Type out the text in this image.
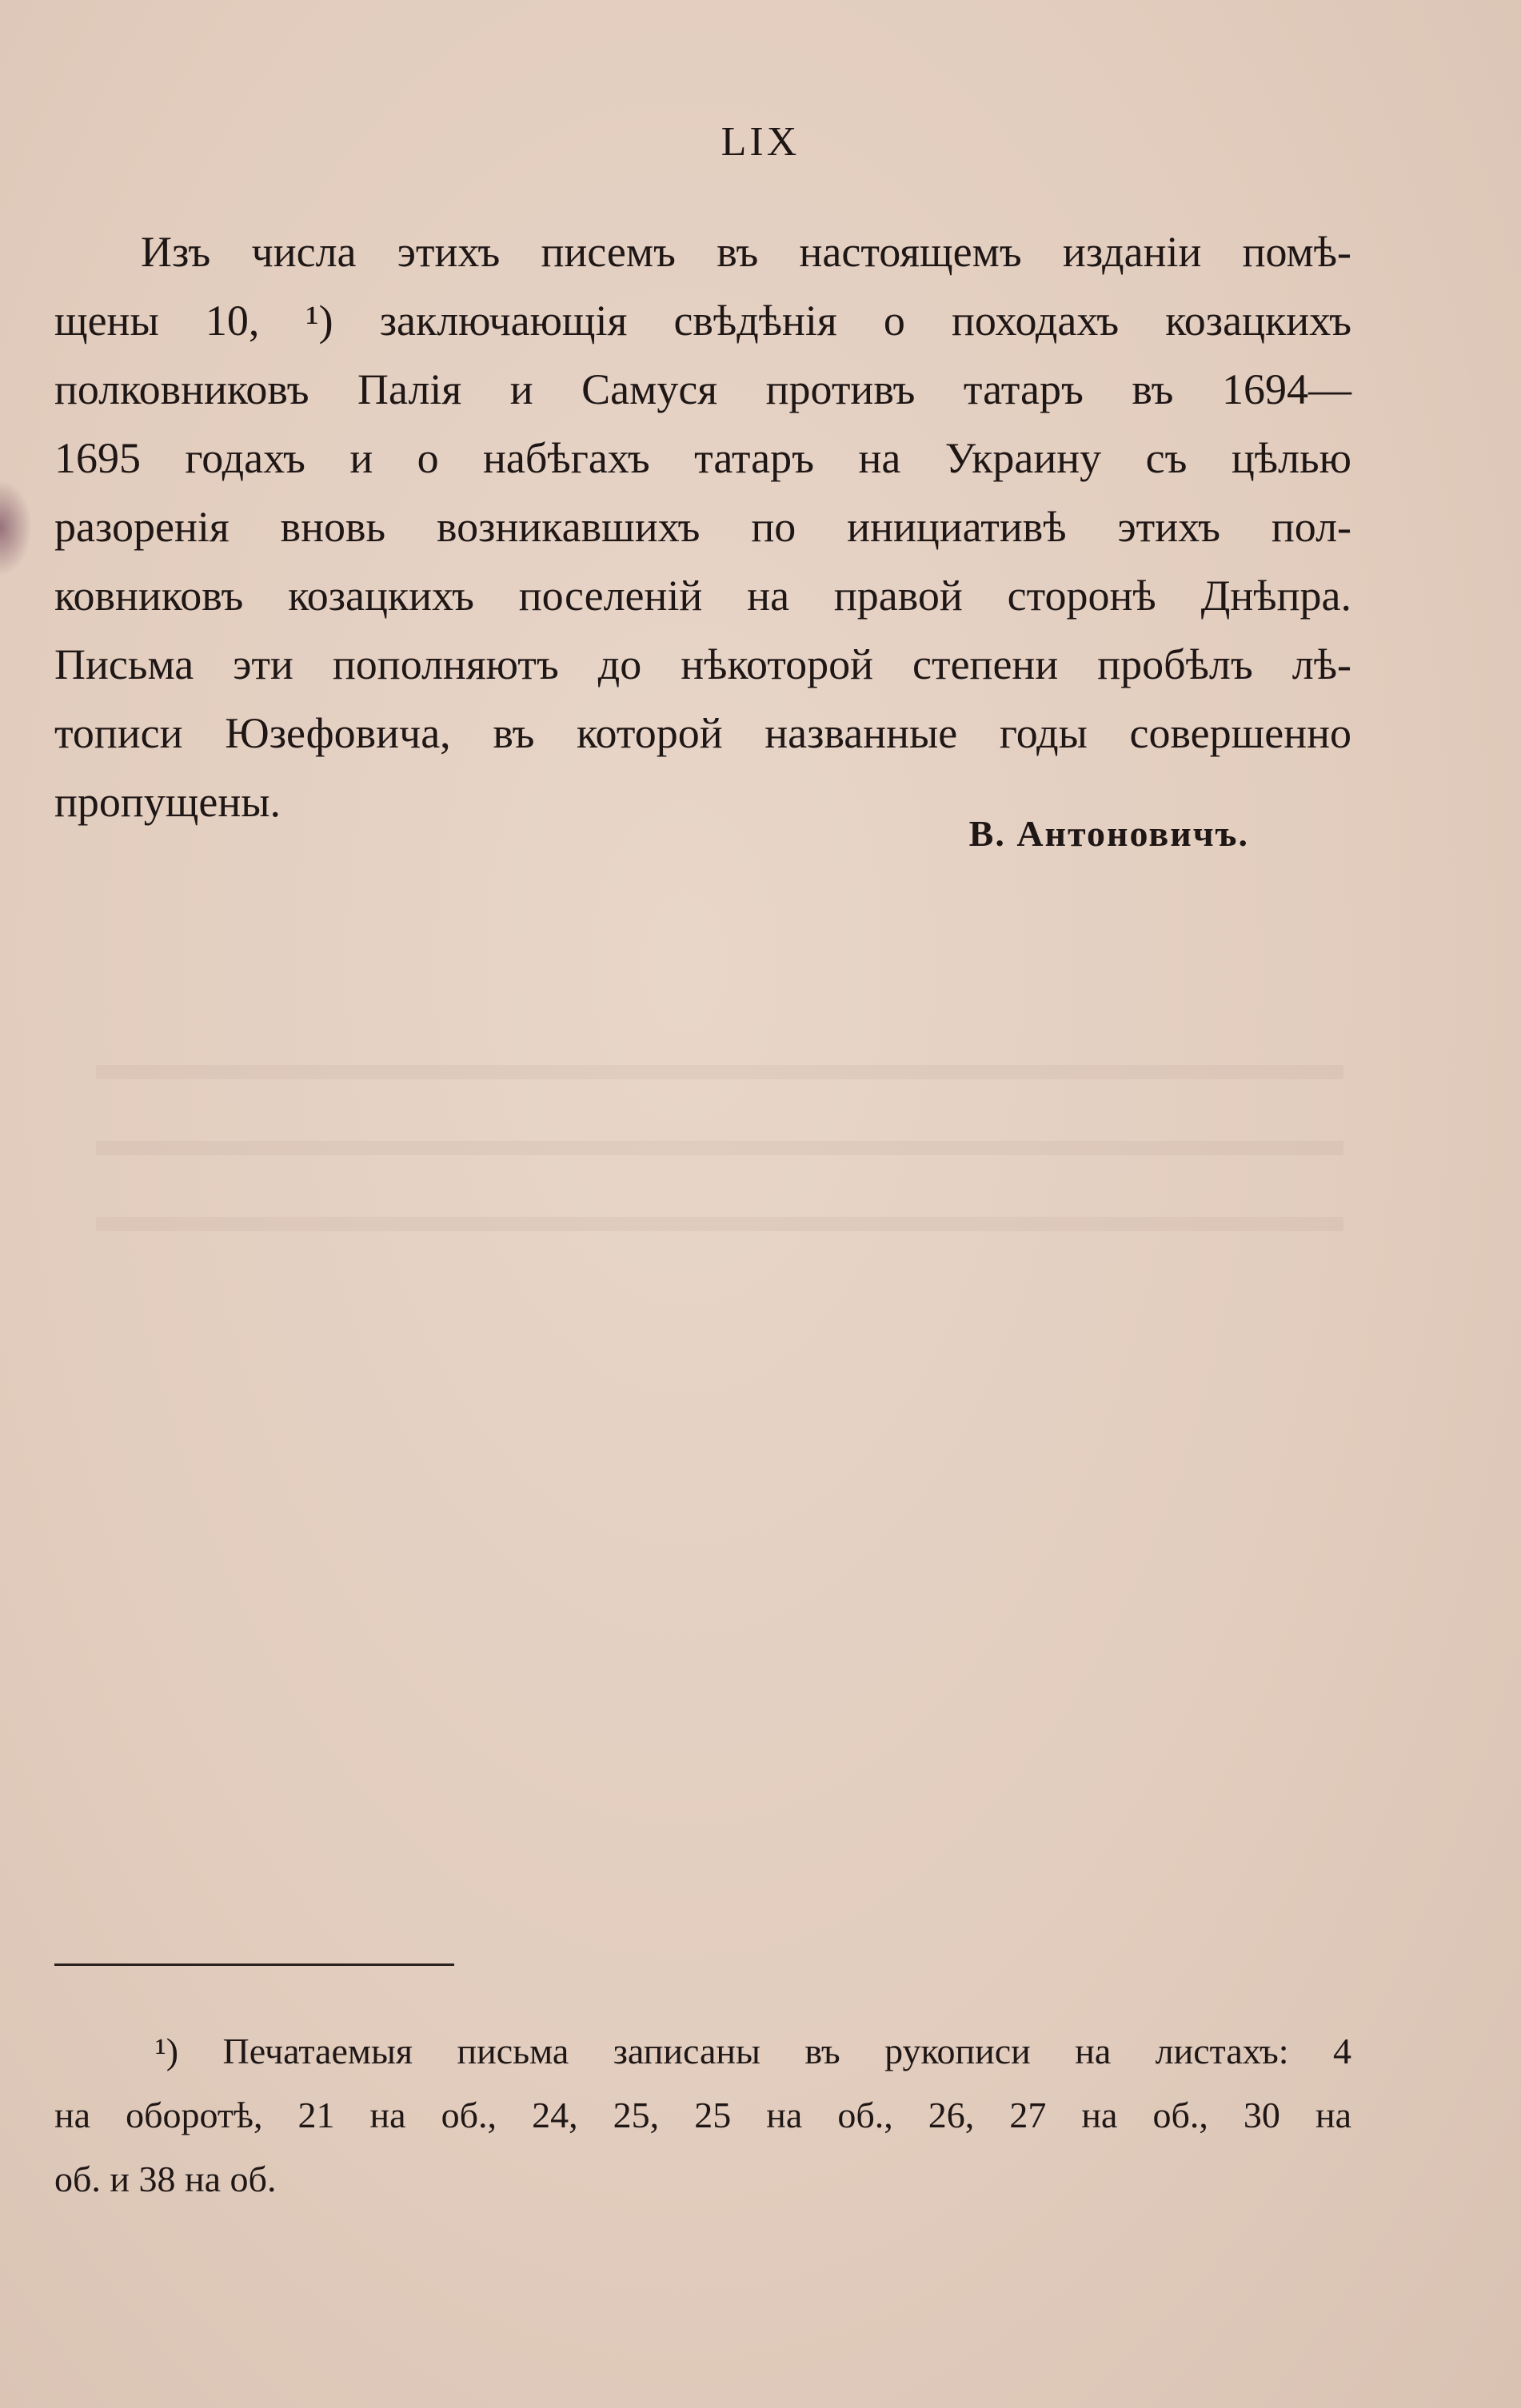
LIX
Изъ числа этихъ писемъ въ настоящемъ изданіи помѣ-
щены 10, ¹) заключающія свѣдѣнія о походахъ козацкихъ
полковниковъ Палія и Самуся противъ татаръ въ 1694—
1695 годахъ и о набѣгахъ татаръ на Украину съ цѣлью
разоренія вновь возникавшихъ по инициативѣ этихъ пол-
ковниковъ козацкихъ поселеній на правой сторонѣ Днѣпра.
Письма эти пополняютъ до нѣкоторой степени пробѣлъ лѣ-
тописи Юзефовича, въ которой названные годы совершенно
пропущены.
В. Антоновичъ.
¹) Печатаемыя письма записаны въ рукописи на листахъ: 4
на оборотѣ, 21 на об., 24, 25, 25 на об., 26, 27 на об., 30 на
об. и 38 на об.
